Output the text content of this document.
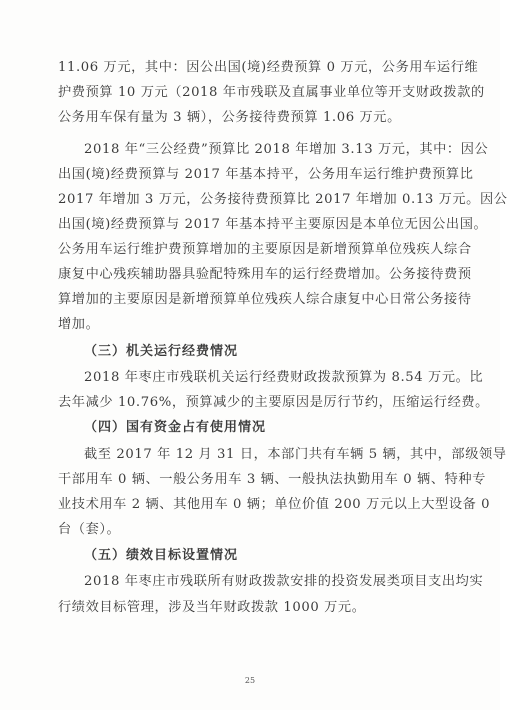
11.06 万元，其中：因公出国(境)经费预算 0 万元，公务用车运行维
护费预算 10 万元（2018 年市残联及直属事业单位等开支财政拨款的
公务用车保有量为 3 辆），公务接待费预算 1.06 万元。
2018 年“三公经费”预算比 2018 年增加 3.13 万元，其中：因公
出国(境)经费预算与 2017 年基本持平，公务用车运行维护费预算比
2017 年增加 3 万元，公务接待费预算比 2017 年增加 0.13 万元。因公
出国(境)经费预算与 2017 年基本持平主要原因是本单位无因公出国。
公务用车运行维护费预算增加的主要原因是新增预算单位残疾人综合
康复中心残疾辅助器具验配特殊用车的运行经费增加。公务接待费预
算增加的主要原因是新增预算单位残疾人综合康复中心日常公务接待
增加。
（三）机关运行经费情况
2018 年枣庄市残联机关运行经费财政拨款预算为 8.54 万元。比
去年减少 10.76%，预算减少的主要原因是厉行节约，压缩运行经费。
（四）国有资金占有使用情况
截至 2017 年 12 月 31 日，本部门共有车辆 5 辆，其中，部级领导
干部用车 0 辆、一般公务用车 3 辆、一般执法执勤用车 0 辆、特种专
业技术用车 2 辆、其他用车 0 辆；单位价值 200 万元以上大型设备 0
台（套）。
（五）绩效目标设置情况
2018 年枣庄市残联所有财政拨款安排的投资发展类项目支出均实
行绩效目标管理，涉及当年财政拨款 1000 万元。
25
